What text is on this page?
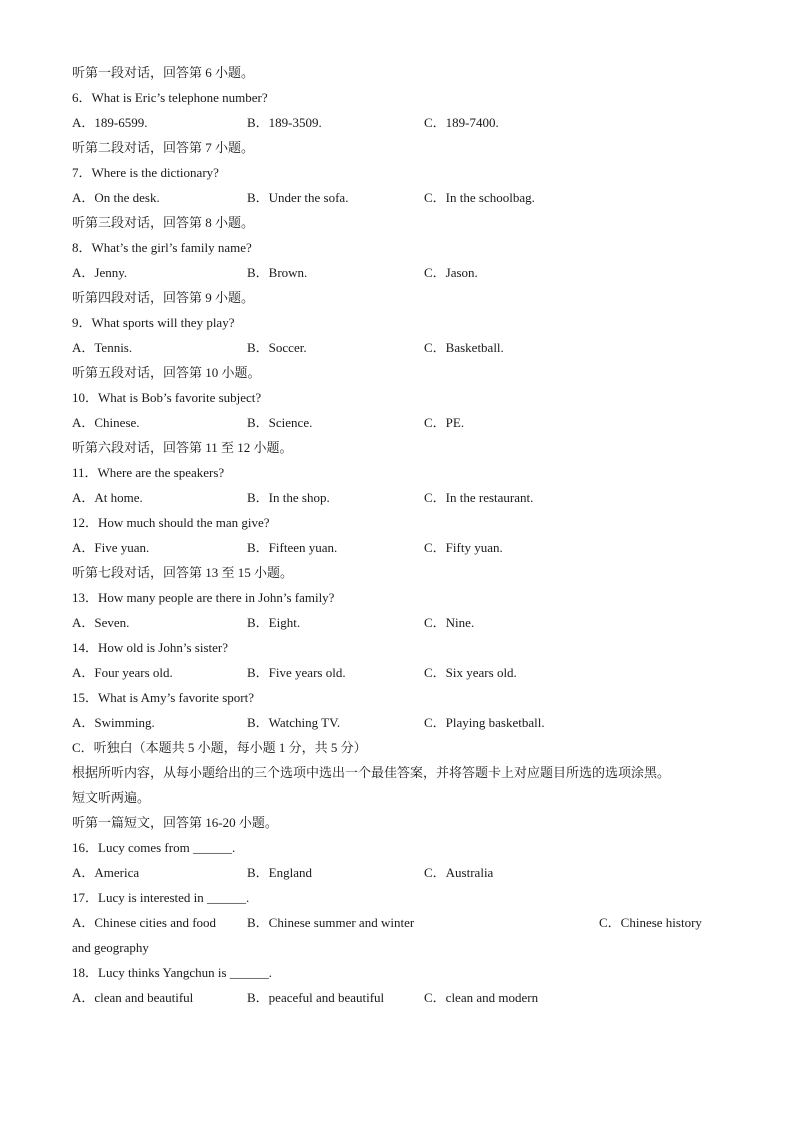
听第一段对话，回答第 6 小题。
6．What is Eric’s telephone number?
A．189-6599.	B．189-3509.	C．189-7400.
听第二段对话，回答第 7 小题。
7．Where is the dictionary?
A．On the desk.	B．Under the sofa.	C．In the schoolbag.
听第三段对话，回答第 8 小题。
8．What’s the girl’s family name?
A．Jenny.	B．Brown.	C．Jason.
听第四段对话，回答第 9 小题。
9．What sports will they play?
A．Tennis.	B．Soccer.	C．Basketball.
听第五段对话，回答第 10 小题。
10．What is Bob’s favorite subject?
A．Chinese.	B．Science.	C．PE.
听第六段对话，回答第 11 至 12 小题。
11．Where are the speakers?
A．At home.	B．In the shop.	C．In the restaurant.
12．How much should the man give?
A．Five yuan.	B．Fifteen yuan.	C．Fifty yuan.
听第七段对话，回答第 13 至 15 小题。
13．How many people are there in John’s family?
A．Seven.	B．Eight.	C．Nine.
14．How old is John’s sister?
A．Four years old.	B．Five years old.	C．Six years old.
15．What is Amy’s favorite sport?
A．Swimming.	B．Watching TV.	C．Playing basketball.
C．听独白（本题共 5 小题，每小题 1 分，共 5 分）
根据所听内容，从每小题给出的三个选项中选出一个最佳答案，并将答题卡上对应题目所选的选项涂黑。
短文听两遍。
听第一篇短文，回答第 16-20 小题。
16．Lucy comes from ______.
A．America	B．England	C．Australia
17．Lucy is interested in ______.
A．Chinese cities and food B．Chinese summer and winter	C．Chinese history
and geography
18．Lucy thinks Yangchun is ______.
A．clean and beautiful	B．peaceful and beautiful	C．clean and modern
